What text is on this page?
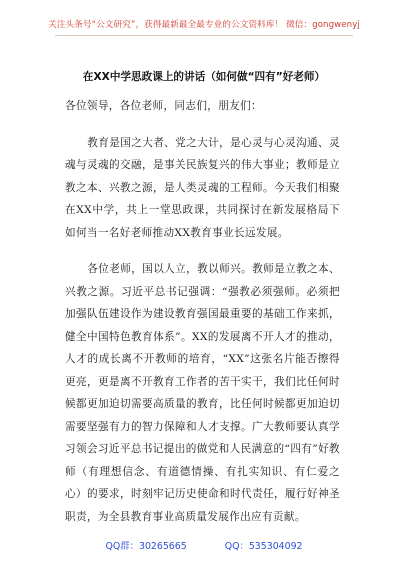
关注头条号“公文研究”，获得最新最全最专业的公文资料库！ 微信：gongwenyj
在XX中学思政课上的讲话（如何做“四有”好老师）

各位领导，各位老师，同志们，朋友们：

教育是国之大者、党之大计，是心灵与心灵沟通、灵魂与灵魂的交融，是事关民族复兴的伟大事业；教师是立教之本、兴教之源，是人类灵魂的工程师。今天我们相聚在XX中学，共上一堂思政课，共同探讨在新发展格局下如何当一名好老师推动XX教育事业长远发展。

各位老师，国以人立，教以师兴。教师是立教之本、兴教之源。习近平总书记强调：“强教必须强师。必须把加强队伍建设作为建设教育强国最重要的基础工作来抓，健全中国特色教育体系”。XX的发展离不开人才的推动，人才的成长离不开教师的培育，“XX”这张名片能否擦得更亮，更是离不开教育工作者的苦干实干，我们比任何时候都更加迫切需要高质量的教育，比任何时候都更加迫切需要坚强有力的智力保障和人才支撑。广大教师要认真学习领会习近平总书记提出的做党和人民满意的“四有”好教师（有理想信念、有道德情操、有扎实知识、有仁爱之心）的要求，时刻牢记历史使命和时代责任，履行好神圣职责，为全县教育事业高质量发展作出应有贡献。

QQ群：30265665	QQ：535304092
